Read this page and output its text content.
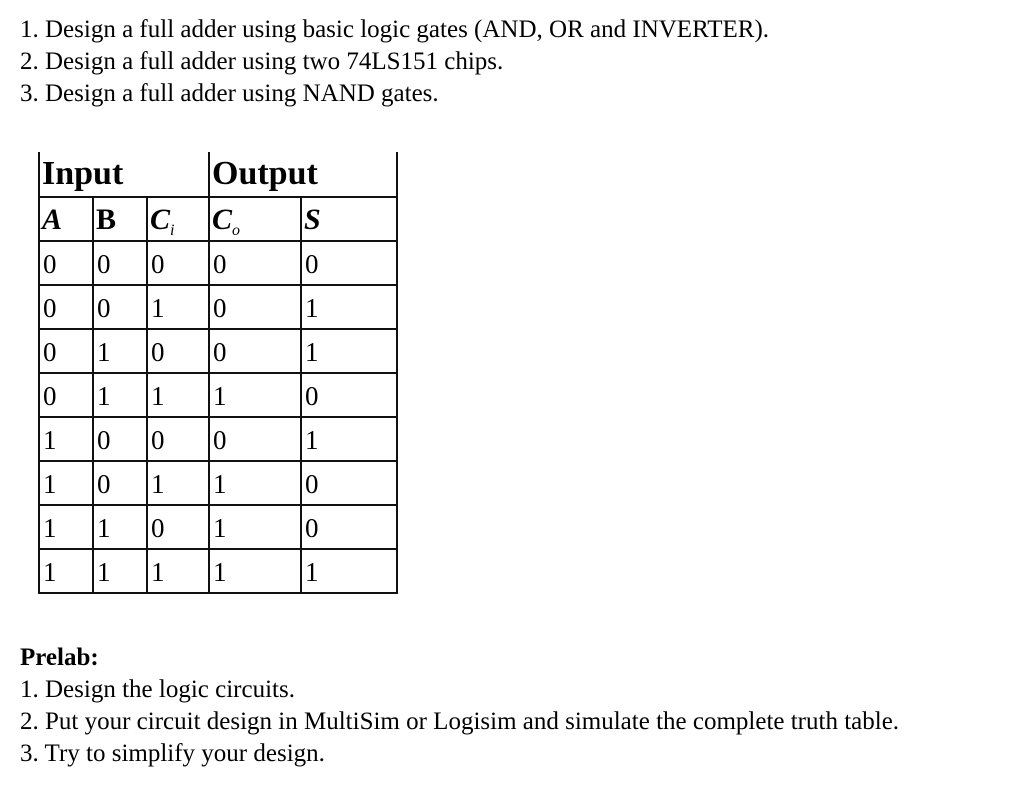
1. Design a full adder using basic logic gates (AND, OR and INVERTER).
2. Design a full adder using two 74LS151 chips.
3. Design a full adder using NAND gates.
Input	Output
A B $C_i$ $C_o$ S
0 0 0 0	0
0 0 1 0	1
0 1 0 0	1
0 1 1 1	0
1 0 0 0	1
1 0 1 1	0
1 1 0 1	0
1 1 1 1	1
Prelab:
1. Design the logic circuits.
2. Put your circuit design in MultiSim or Logisim and simulate the complete truth table.
3. Try to simplify your design.
